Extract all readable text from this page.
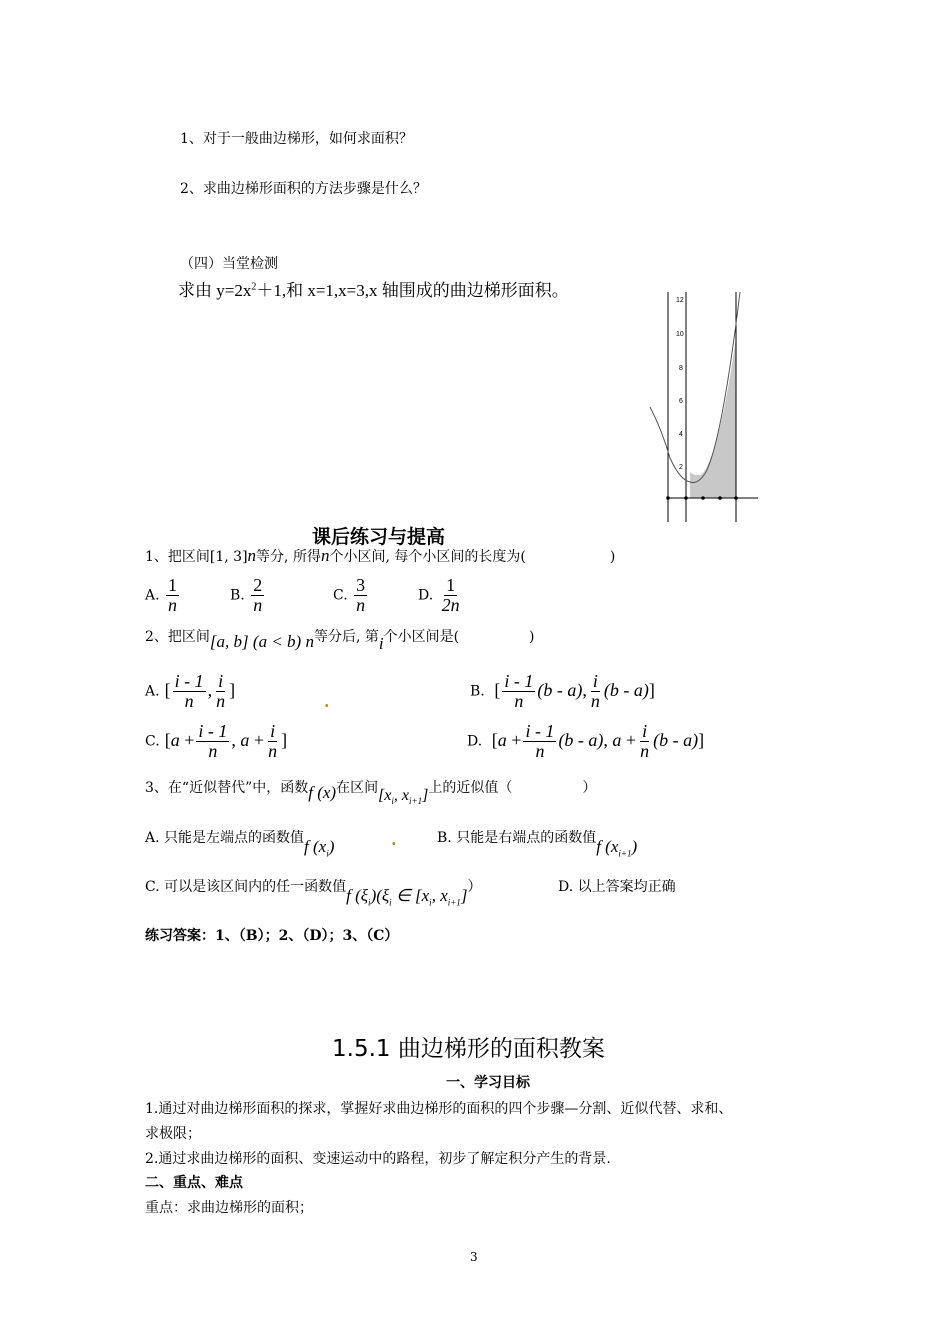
1、对于一般曲边梯形，如何求面积？
2、求曲边梯形面积的方法步骤是什么？
（四）当堂检测
求由 $y=2x^2+1$,和 x=1,x=3,x 轴围成的曲边梯形面积。
12
10
8
6
4
2
课后练习与提高
1、把区间[1, 3]n等分, 所得n个小区间, 每个小区间的长度为(　　　　　　)
A. $\frac{1}{n}$	B. $\frac{2}{n}$	C. $\frac{3}{n}$	D. $\frac{1}{2n}$
2、把区间[a, b] (a < b) n等分后, 第i个小区间是(　　　　　)
A. [ $\frac{i - 1}{n}$ , $\frac{i}{n}$ ]
.
B.  [ $\frac{i - 1}{n} (b - a)$, $\frac{i}{n} (b - a)$]
C. [$a + \frac{i - 1}{n}$ , $a + \frac{i}{n}$ ]	D.  [$a + \frac{i - 1}{n} (b - a)$, $a + \frac{i}{n} (b - a)$]
3、在“近似替代”中，函数f (x)在区间[$x_i$, $x_{i+1}$]上的近似值（　　　　　）
A. 只能是左端点的函数值f $(x_i)$	.	B. 只能是右端点的函数值f $(x_{i+1})$
C. 可以是该区间内的任一函数值f $(\xi_i)(\xi_i$ ∈ [$x_i$, $x_{i+1}$]）	D. 以上答案均正确
练习答案：1、（B）；2、（D）；3、（C）
1.5.1 曲边梯形的面积教案
一、学习目标
1.通过对曲边梯形面积的探求，掌握好求曲边梯形的面积的四个步骤—分割、近似代替、求和、
求极限；
2.通过求曲边梯形的面积、变速运动中的路程，初步了解定积分产生的背景.
二、重点、难点
重点：求曲边梯形的面积；
3
